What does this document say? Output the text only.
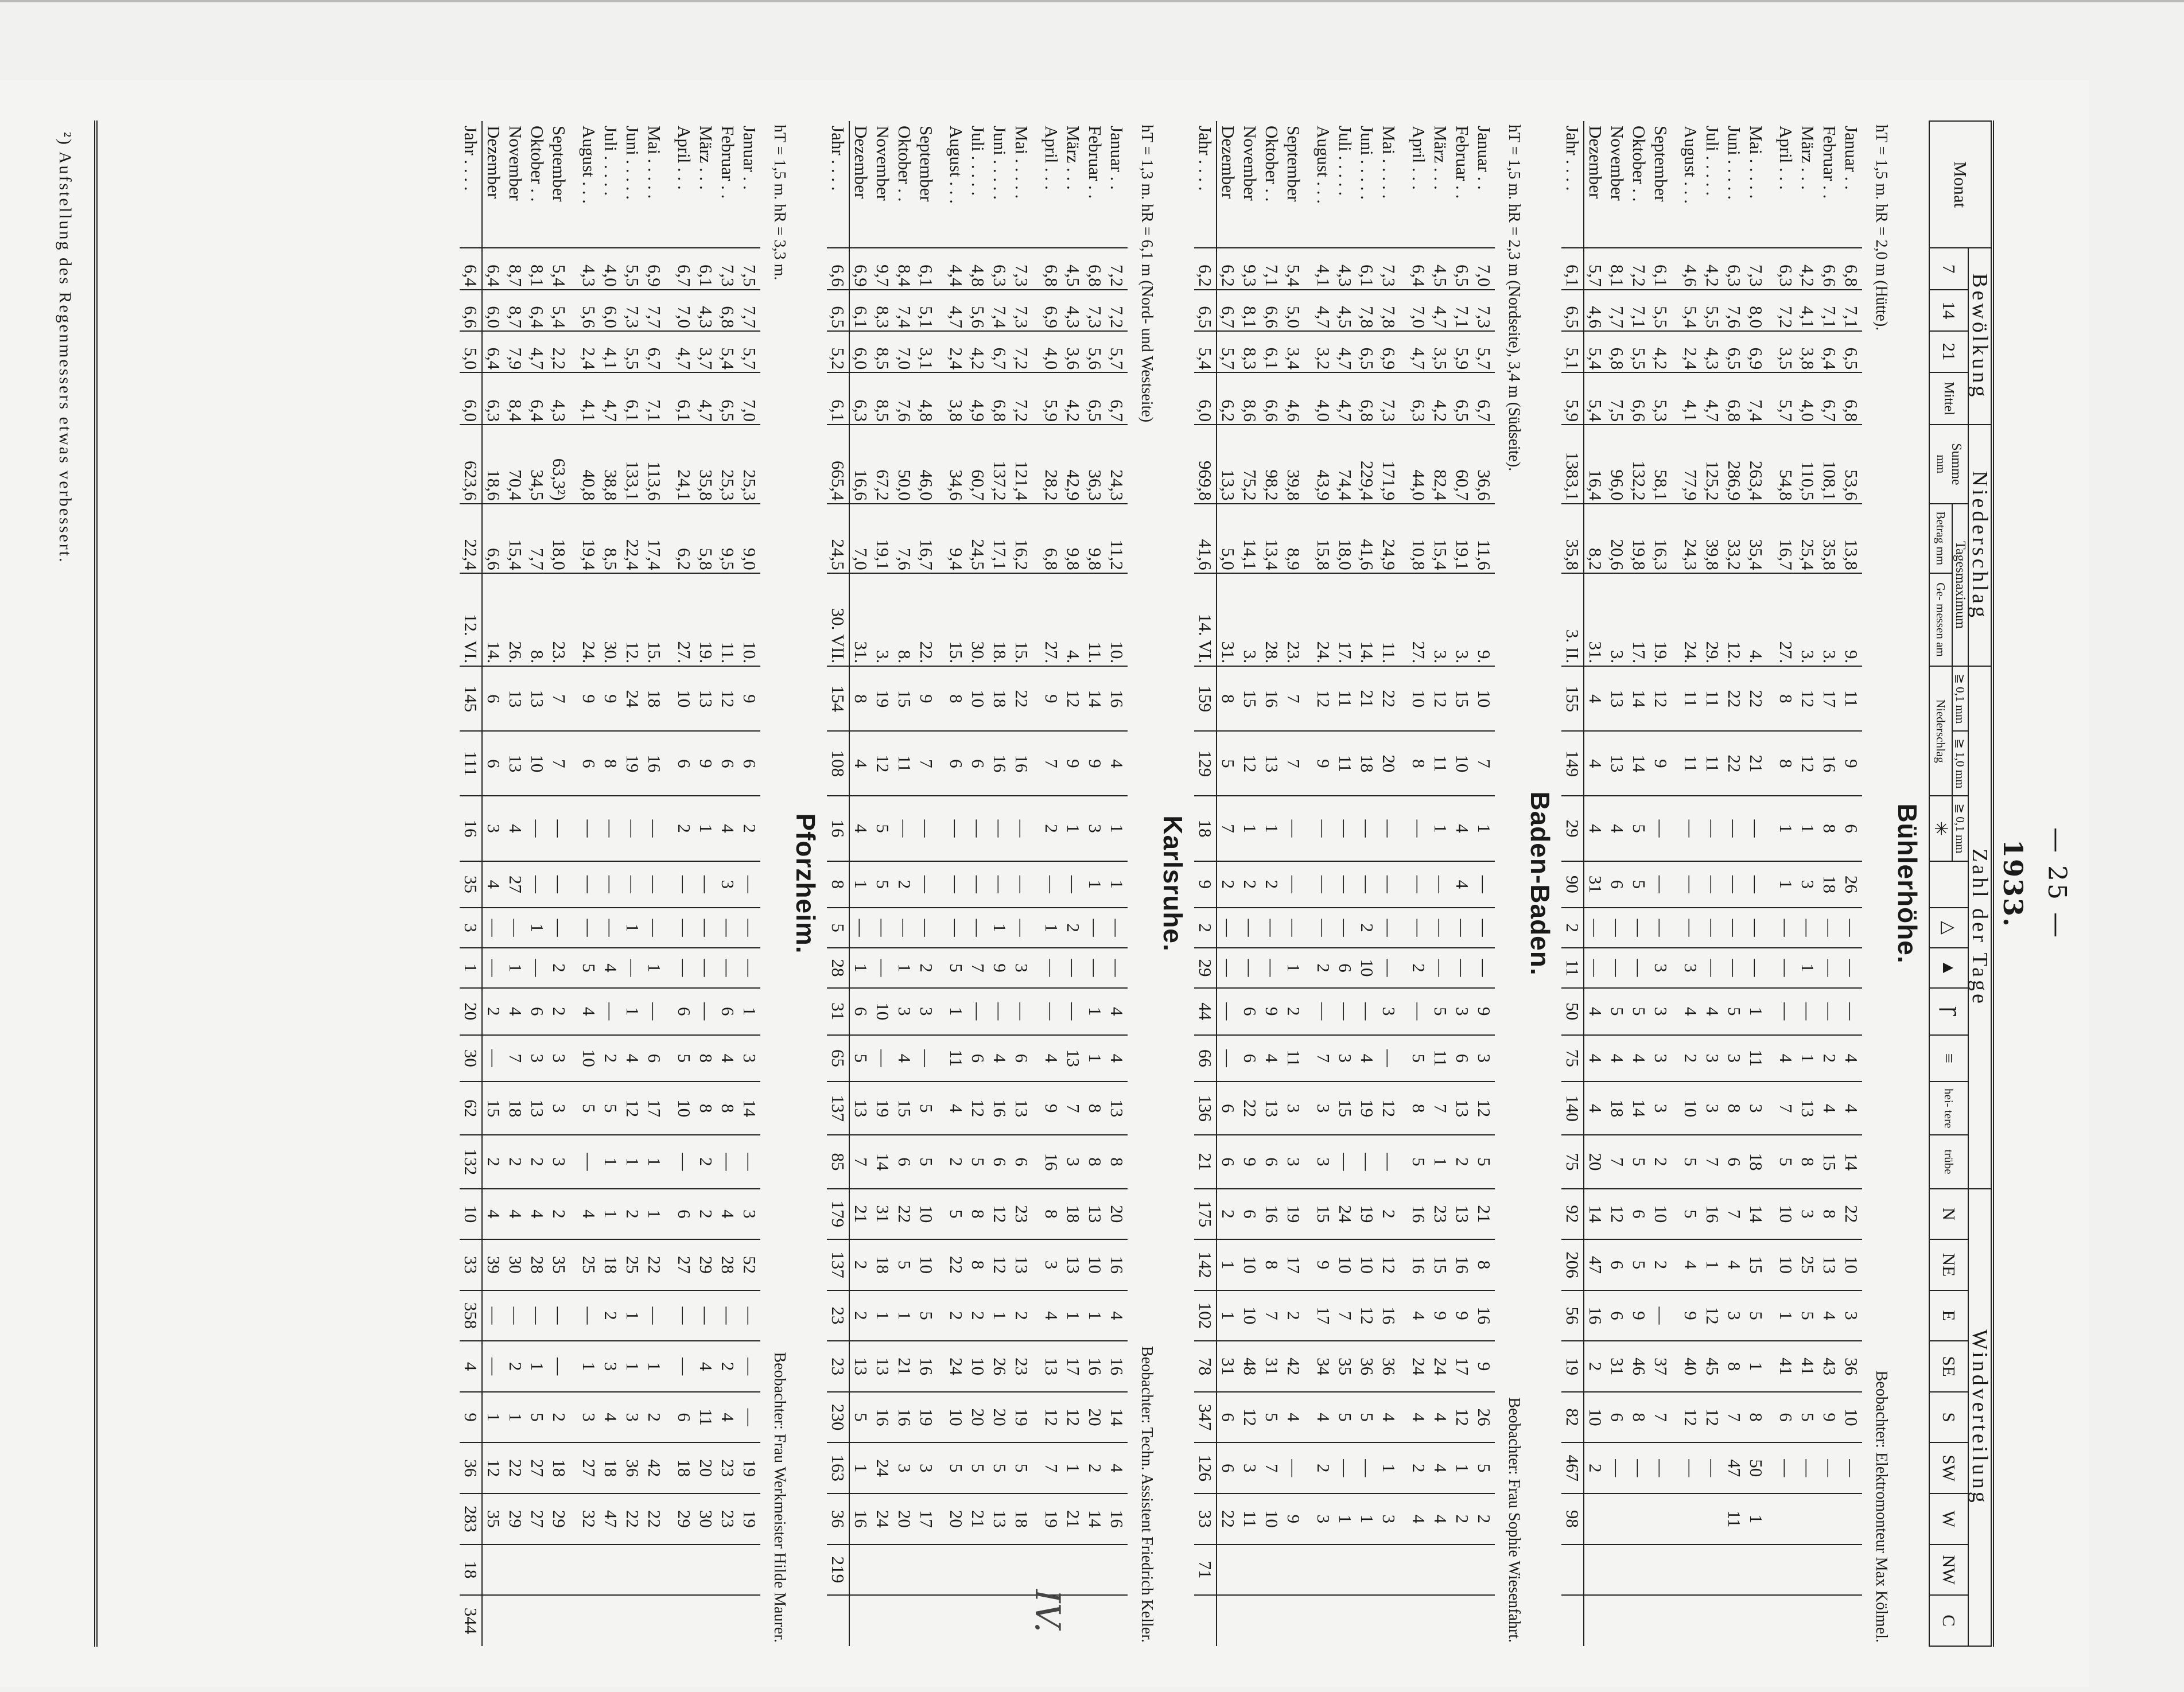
— 25 —
1933.
Monat	Bewölkung				Niederschlag			Zahl der Tage										Windverteilung								
	7	14	21	Mittel	Summe
mm	Tagesmaximum		≧ 0,1 mm	≧ 1,0 mm	≧ 0,1 mm	✳⃞	△	▲	Ꞅ	≡	hei- tere	trübe	N	NE	E	SE	S	SW	W	NW	C
						Betrag mm	Ge- messen am	Niederschlag		✳																
Bühlerhöhe.																										
hT = 1,5 m. hR = 2,0 m (Hütte).
Beobachter: Elektromonteur Max Kölmel.																										

Januar . .	6,8	7,1	6,5	6,8	53,6	13,8	9.	11	9	6	26	—	—	—	4	4	14	22	10	3	36	10	—			
Februar . .	6,6	7,1	6,4	6,7	108,1	35,8	3.	17	16	8	18	—	—	—	2	4	15	8	13	4	43	9	—			
März . . .	4,2	4,1	3,8	4,0	110,5	25,4	3.	12	12	1	3	—	1	—	1	13	8	3	25	5	41	5	—			
April . . .	6,3	7,2	3,5	5,7	54,8	16,7	27.	8	8	1	1	—	—	—	4	7	5	10	10	1	41	6	—			

Mai . . . . .	7,3	8,0	6,9	7,4	263,4	35,4	4.	22	21	—	—	—	—	1	11	3	18	14	15	5	1	8	50	1		
Juni . . . . .	6,3	7,6	6,5	6,8	286,9	33,2	12.	22	22	—	—	—	—	5	3	8	6	7	4	3	8	7	47	11		
Juli . . . . .	4,2	5,5	4,3	4,7	125,2	39,8	29.	11	11	—	—	—	—	4	3	3	7	16	1	12	45	12	—			
August . . .	4,6	5,4	2,4	4,1	77,9	24,3	24.	11	11	—	—	—	3	4	2	10	5	5	4	9	40	12	—			

September	6,1	5,5	4,2	5,3	58,1	16,3	19.	12	9	—	—	—	3	3	3	3	2	10	2	—	37	7	—			
Oktober . .	7,2	7,1	5,5	6,6	132,2	19,8	17.	14	14	5	5	—	—	5	4	14	5	6	5	9	46	8	—			
November	8,1	7,7	6,8	7,5	96,0	20,6	3.	13	13	4	6	—	—	5	4	18	7	12	6	6	31	6	—			
Dezember	5,7	4,6	5,4	5,4	16,4	8,2	31.	4	4	4	31	—	—	4	4	4	20	14	47	16	2	10	2			
Jahr . . . .	6,1	6,5	5,1	5,9	1383,1	35,8	3. II.	155	149	29	90	2	11	50	75	140	75	92	206	56	19	82	467	98		
Baden-Baden.																										
hT = 1,5 m. hR = 2,3 m (Nordseite), 3,4 m (Südseite).
Beobachter: Frau Sophie Wiesenfahrt.																										

Januar . .	7,0	7,3	5,7	6,7	36,6	11,6	9.	10	7	1	—	—	—	9	3	12	5	21	8	16	9	26	5	2		
Februar . .	6,5	7,1	5,9	6,5	60,7	19,1	3.	15	10	4	4	—	—	3	6	13	2	13	16	9	17	12	1	2		
März . . .	4,5	4,7	3,5	4,2	82,4	15,4	3.	12	11	1	—	—	—	5	11	7	1	23	15	9	24	4	4	4		
April . . .	6,4	7,0	4,7	6,3	44,0	10,8	27.	10	8	—	—	—	2	—	5	8	5	16	16	4	24	4	2	4		

Mai . . . . .	7,3	7,8	6,9	7,3	171,9	24,9	11.	22	20	—	—	—	—	3	—	12	—	2	12	16	36	4	1	3		
Juni . . . . .	6,1	7,8	6,5	6,8	229,4	41,6	14.	21	18	—	—	2	10	—	4	19	—	19	10	12	36	5	—	1		
Juli . . . . .	4,3	4,5	4,7	4,7	74,4	18,0	17.	11	11	—	—	—	6	—	3	15	—	24	10	7	35	5	—	1		
August . . .	4,1	4,7	3,2	4,0	43,9	15,8	24.	12	9	—	—	—	2	—	7	3	3	15	9	17	34	4	2	3		

September	5,4	5,0	3,4	4,6	39,8	8,9	23.	7	7	—	—	—	1	2	11	3	3	19	17	2	42	4	—	9		
Oktober . .	7,1	6,6	6,1	6,6	98,2	13,4	28.	16	13	1	2	—	—	9	4	13	6	16	8	7	31	5	7	10		
November	9,3	8,1	8,3	8,6	75,2	14,1	3.	15	12	1	2	—	—	6	6	22	9	6	10	10	48	12	3	11		
Dezember	6,2	6,7	5,7	6,2	13,3	5,0	31.	8	5	7	2	—	—	—	—	6	6	2	1	1	31	6	6	22		
Jahr . . . .	6,2	6,5	5,4	6,0	969,8	41,6	14. VI.	159	129	18	9	2	29	44	66	136	21	175	142	102	78	347	126	33	71	
Karlsruhe.																										
hT = 1,3 m. hR = 6,1 m (Nord- und Westseite)
Beobachter: Techn. Assistent Friedrich Keller.																										

Januar . .	7,2	7,2	5,7	6,7	24,3	11,2	10.	16	4	1	1	—	—	4	4	13	8	20	16	4	16	14	4	16		
Februar . .	6,8	7,3	5,6	6,5	36,3	9,8	11.	14	9	3	1	—	—	1	1	8	8	13	10	1	16	20	2	14		
März . . .	4,5	4,3	3,6	4,2	42,9	9,8	4.	12	9	1	—	2	—	—	13	7	3	18	13	1	17	12	1	21		
April . . .	6,8	6,9	4,0	5,9	28,2	6,8	27.	9	7	2	—	1	—	—	4	9	16	8	3	4	13	12	7	19		

Mai . . . . .	7,3	7,3	7,2	7,2	121,4	16,2	15.	22	16	—	—	—	3	—	6	13	6	23	13	2	23	19	5	18		
Juni . . . . .	6,3	7,4	6,7	6,8	137,2	17,1	18.	18	16	—	—	1	9	—	4	16	6	12	12	1	26	20	5	13		
Juli . . . . .	4,8	5,6	4,2	4,9	60,7	24,5	30.	10	6	—	—	—	7	—	6	12	5	8	8	2	10	20	5	21		
August . . .	4,4	4,7	2,4	3,8	34,6	9,4	15.	8	6	—	—	—	5	1	11	4	2	5	22	2	24	10	5	20		

September	6,1	5,1	3,1	4,8	46,0	16,7	22.	9	7	—	—	—	2	3	—	5	5	10	10	5	16	19	3	17		
Oktober . .	8,4	7,4	7,0	7,6	50,0	7,6	8.	15	11	—	2	—	1	3	4	15	6	22	5	1	21	16	3	20		
November	9,7	8,3	8,5	8,5	67,2	19,1	3.	19	12	5	5	—	—	10	—	19	14	31	18	1	13	16	24	24		
Dezember	6,9	6,1	6,0	6,3	16,6	7,0	31.	8	4	4	1	—	1	6	5	13	7	21	2	2	13	5	1	16		
Jahr . . . .	6,6	6,5	5,2	6,1	665,4	24,5	30. VII.	154	108	16	8	5	28	31	65	137	85	179	137	23	23	230	163	36	219	
Pforzheim.																										
hT = 1,5 m. hR = 3,3 m.
Beobachter: Frau Werkmeister Hilde Maurer.																										

Januar . .	7,5	7,7	5,7	7,0	25,3	9,0	10.	9	6	2	—	—	—	1	3	14	—	3	52	—	—	—	19	19		
Februar . .	7,3	6,8	5,4	6,5	25,3	9,5	11.	12	6	4	3	—	—	6	4	8	—	4	28	—	2	4	23	23		
März . . .	6,1	4,3	3,7	4,7	35,8	5,8	19.	13	9	1	—	—	—	—	8	8	2	2	29	—	4	11	20	30		
April . . .	6,7	7,0	4,7	6,1	24,1	6,2	27.	10	6	2	—	—	—	6	5	10	—	6	27	—	—	6	18	29		

Mai . . . . .	6,9	7,7	6,7	7,1	113,6	17,4	15.	18	16	—	—	—	1	—	6	17	1	1	22	—	1	2	42	22		
Juni . . . . .	5,5	7,3	5,5	6,1	133,1	22,4	12.	24	19	—	—	1	—	1	4	12	1	2	25	1	1	3	36	22		
Juli . . . . .	4,0	6,0	4,1	4,7	38,8	8,5	30.	9	8	—	—	—	4	—	2	5	1	1	18	2	3	4	18	47		
August . . .	4,3	5,6	2,4	4,1	40,8	19,4	24.	9	6	—	—	—	5	4	10	5	—	4	25	—	1	3	27	32		

September	5,4	5,4	2,2	4,3	63,3²)	18,0	23.	7	7	—	—	—	2	2	3	3	3	2	35	—	—	2	18	29		
Oktober . .	8,1	6,4	4,7	6,4	34,5	7,7	8.	13	10	—	—	1	—	6	3	13	2	4	28	—	1	5	27	27		
November	8,7	8,7	7,9	8,4	70,4	15,4	26.	13	13	4	27	—	1	4	7	18	2	4	30	—	2	1	22	29		
Dezember	6,4	6,0	6,4	6,3	18,6	6,6	14.	6	6	3	4	—	—	2	—	15	2	4	39	—	—	1	12	35		
Jahr . . . .	6,4	6,6	5,0	6,0	623,6	22,4	12. VI.	145	111	16	35	3	1	20	30	62	132	10	33	358	4	9	36	283	18	344
²) Aufstellung des Regenmessers etwas verbessert.
IV.
